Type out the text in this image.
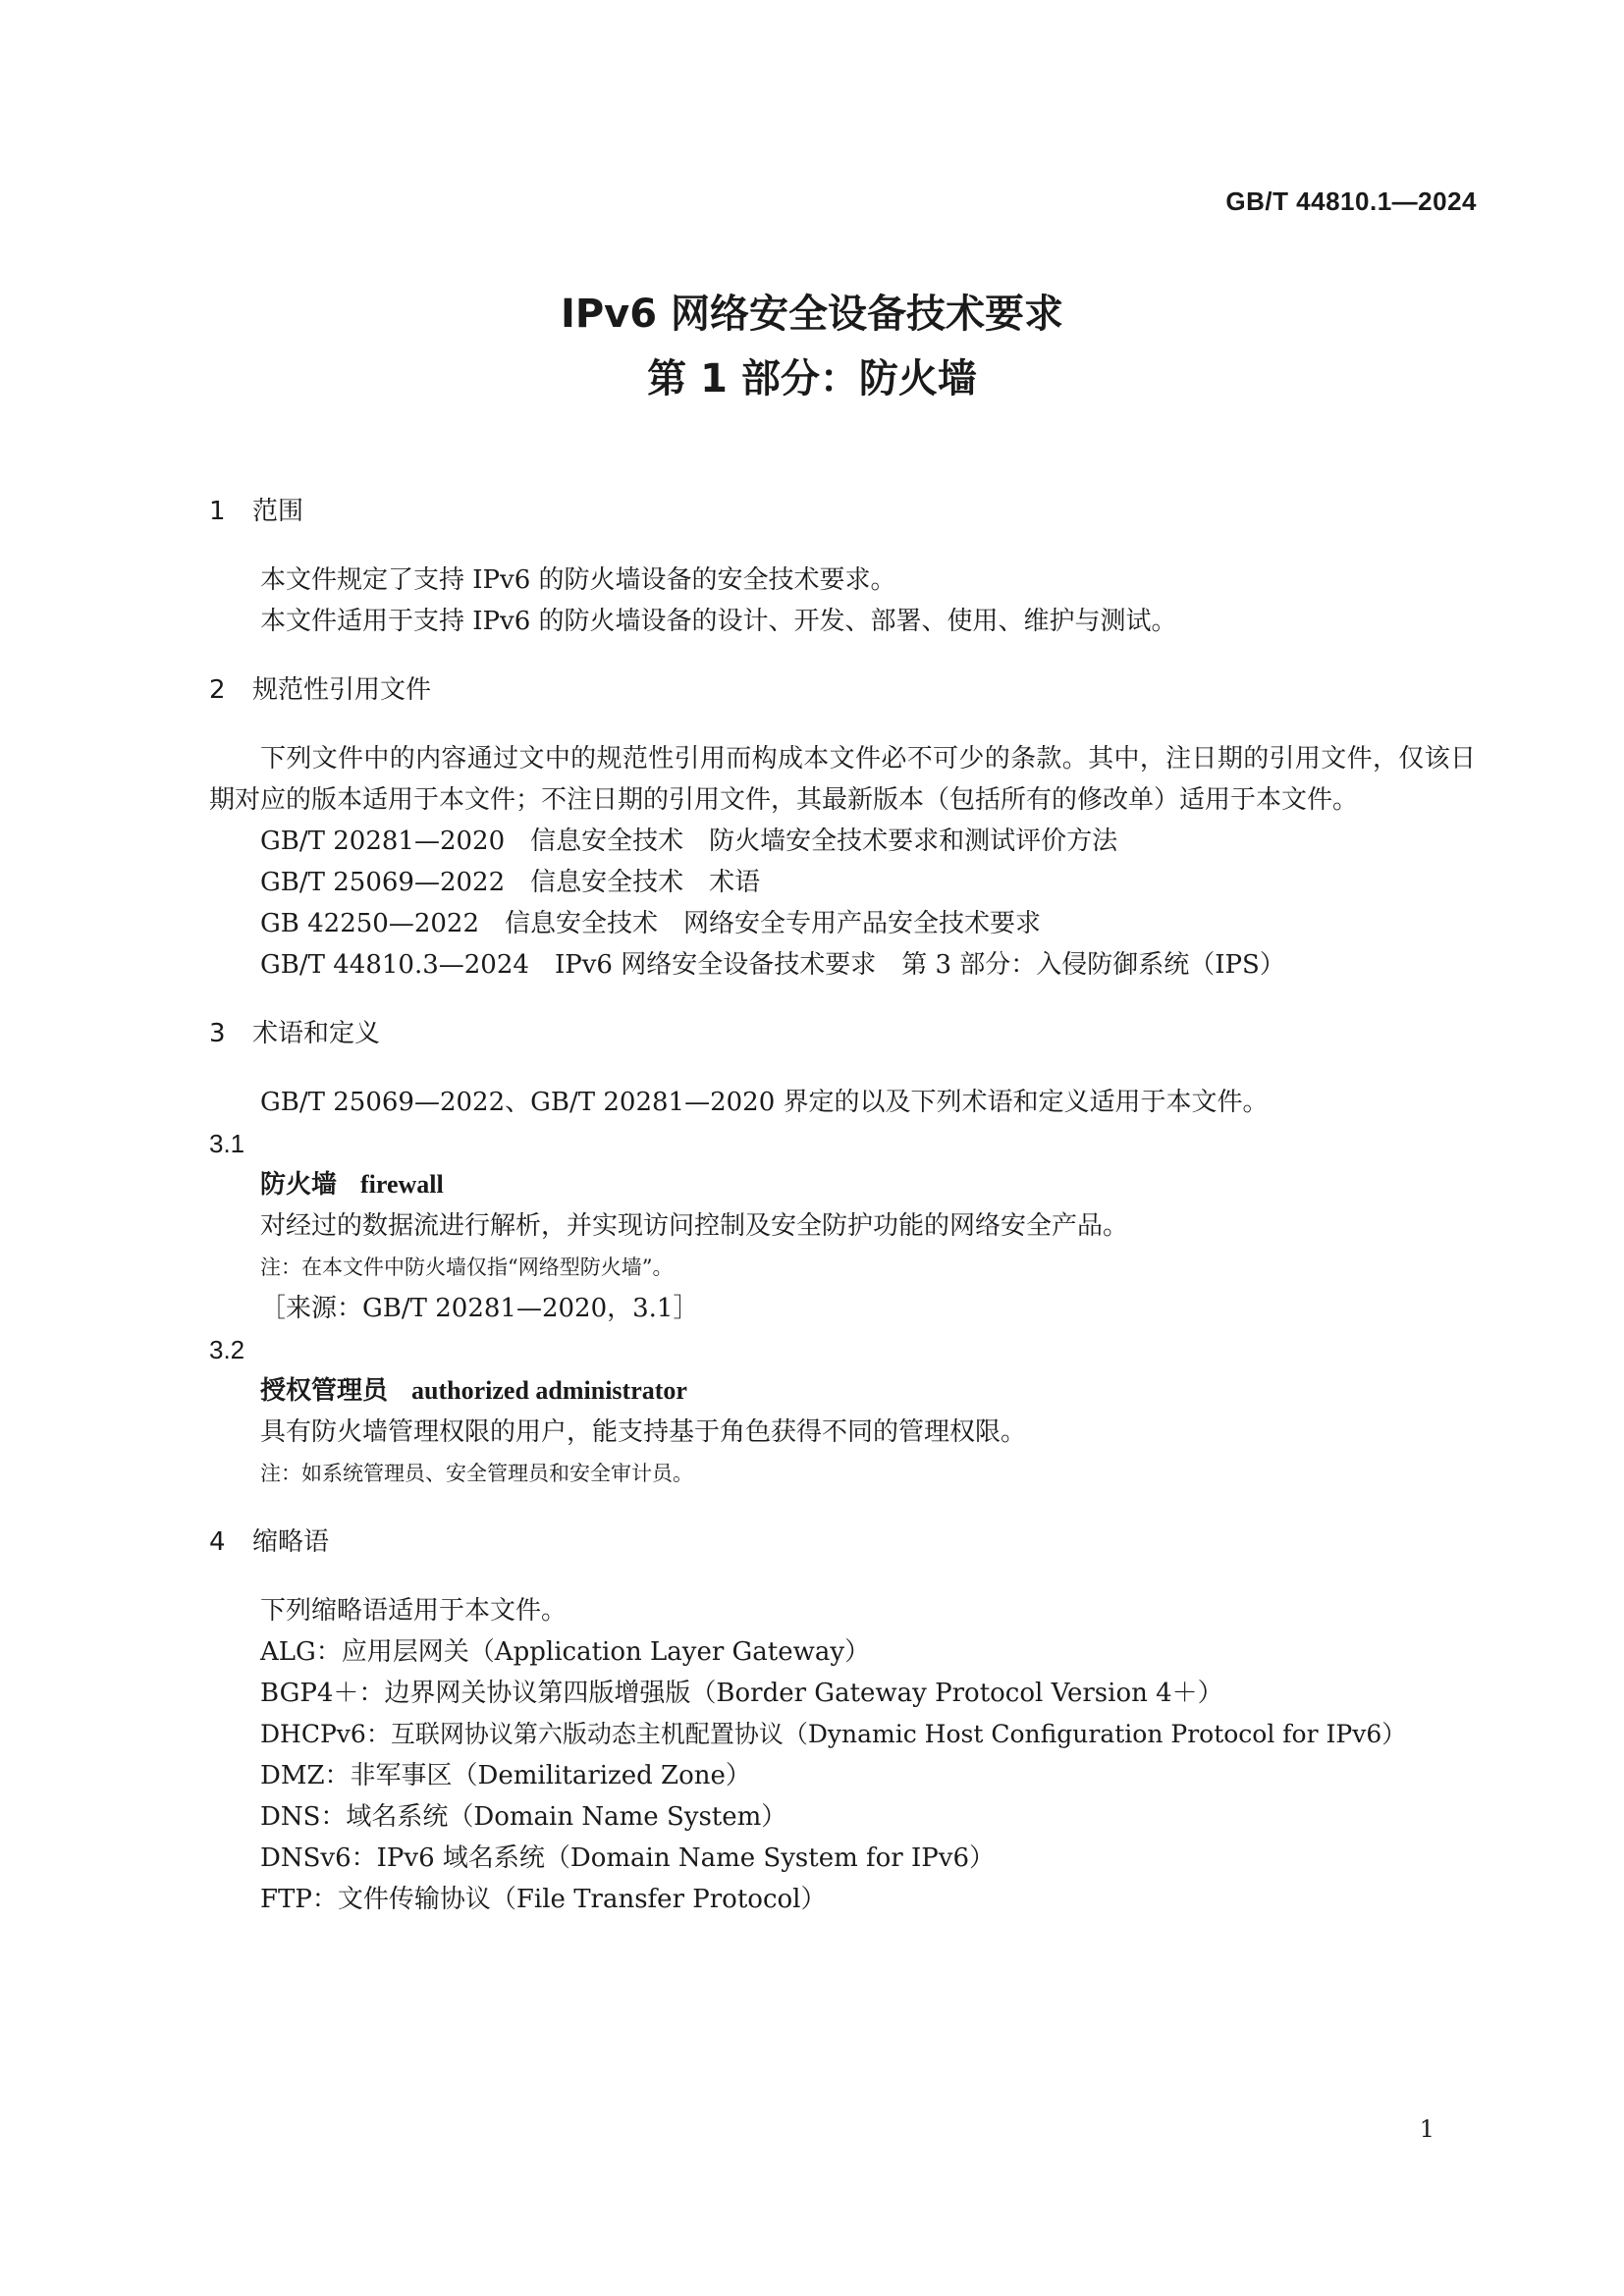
GB/T 44810.1—2024
IPv6 网络安全设备技术要求
第 1 部分：防火墙
1 范围
本文件规定了支持 IPv6 的防火墙设备的安全技术要求。
本文件适用于支持 IPv6 的防火墙设备的设计、开发、部署、使用、维护与测试。
2 规范性引用文件
下列文件中的内容通过文中的规范性引用而构成本文件必不可少的条款。其中，注日期的引用文件，仅该日期对应的版本适用于本文件；不注日期的引用文件，其最新版本（包括所有的修改单）适用于本文件。
GB/T 20281—2020 信息安全技术　防火墙安全技术要求和测试评价方法
GB/T 25069—2022 信息安全技术　术语
GB 42250—2022 信息安全技术　网络安全专用产品安全技术要求
GB/T 44810.3—2024 IPv6 网络安全设备技术要求　第 3 部分：入侵防御系统（IPS）
3 术语和定义
GB/T 25069—2022、GB/T 20281—2020 界定的以及下列术语和定义适用于本文件。
3.1
防火墙 firewall
对经过的数据流进行解析，并实现访问控制及安全防护功能的网络安全产品。
注：在本文件中防火墙仅指“网络型防火墙”。
［来源：GB/T 20281—2020，3.1］
3.2
授权管理员 authorized administrator
具有防火墙管理权限的用户，能支持基于角色获得不同的管理权限。
注：如系统管理员、安全管理员和安全审计员。
4 缩略语
下列缩略语适用于本文件。
ALG：应用层网关（Application Layer Gateway）
BGP4＋：边界网关协议第四版增强版（Border Gateway Protocol Version 4＋）
DHCPv6：互联网协议第六版动态主机配置协议（Dynamic Host Configuration Protocol for IPv6）
DMZ：非军事区（Demilitarized Zone）
DNS：域名系统（Domain Name System）
DNSv6：IPv6 域名系统（Domain Name System for IPv6）
FTP：文件传输协议（File Transfer Protocol）
1
